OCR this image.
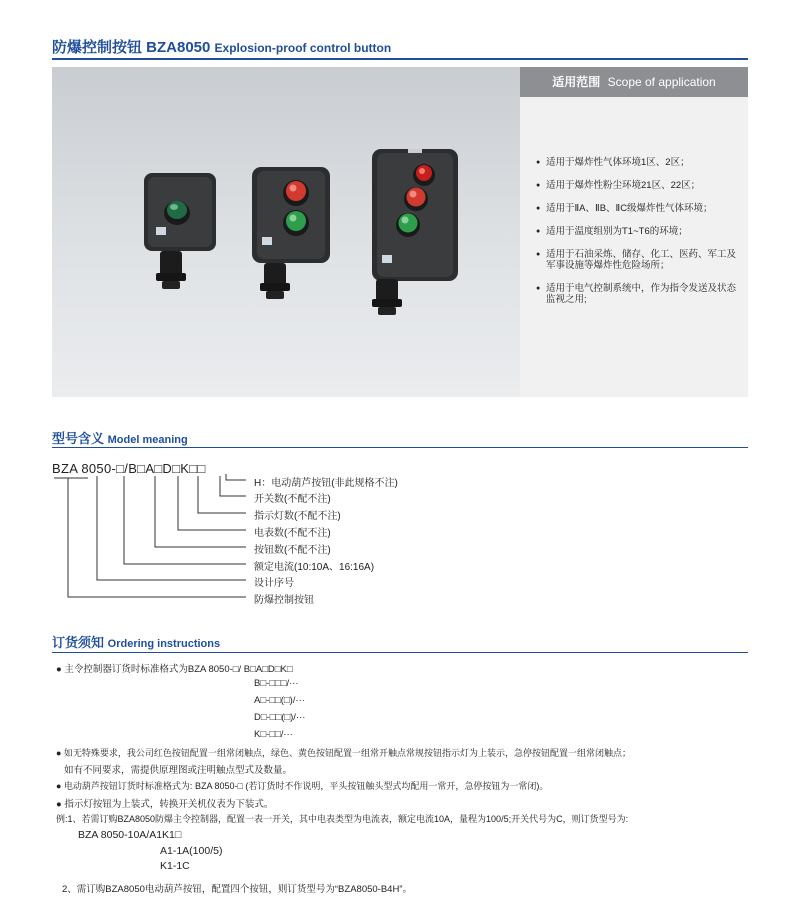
防爆控制按钮 BZA8050 Explosion-proof control button
适用范围 Scope of application
● 适用于爆炸性气体环境1区、2区；
● 适用于爆炸性粉尘环境21区、22区；
● 适用于ⅡA、ⅡB、ⅡC级爆炸性气体环境；
● 适用于温度组别为T1~T6的环境；
● 适用于石油采炼、储存、化工、医药、军工及军事设施等爆炸性危险场所；
● 适用于电气控制系统中，作为指令发送及状态监视之用;
型号含义 Model meaning
BZA 8050-□/B□A□D□K□□
H：电动葫芦按钮(非此规格不注)
开关数(不配不注)
指示灯数(不配不注)
电表数(不配不注)
按钮数(不配不注)
额定电流(10:10A、16:16A)
设计序号
防爆控制按钮
订货须知 Ordering instructions
● 主令控制器订货时标准格式为BZA 8050-□/ B□A□D□K□
B□-□□□/···
A□-□□(□)/···
D□-□□(□)/···
K□-□□/···
● 如无特殊要求，我公司红色按钮配置一组常闭触点，绿色、黄色按钮配置一组常开触点常规按钮指示灯为上装示，急停按钮配置一组常闭触点；
如有不同要求，需提供原理图或注明触点型式及数量。
● 电动葫芦按钮订货时标准格式为: BZA 8050-□ (若订货时不作说明，平头按钮触头型式均配用一常开，急停按钮为一常闭)。
● 指示灯按钮为上装式，转换开关机仪表为下装式。
例:1、若需订购BZA8050防爆主令控制器，配置一表一开关，其中电表类型为电流表，额定电流10A，量程为100/5;开关代号为C，则订货型号为:
BZA 8050-10A/A1K1□
A1-1A(100/5)
K1-1C
2、需订购BZA8050电动葫芦按钮，配置四个按钮，则订货型号为“BZA8050-B4H”。
